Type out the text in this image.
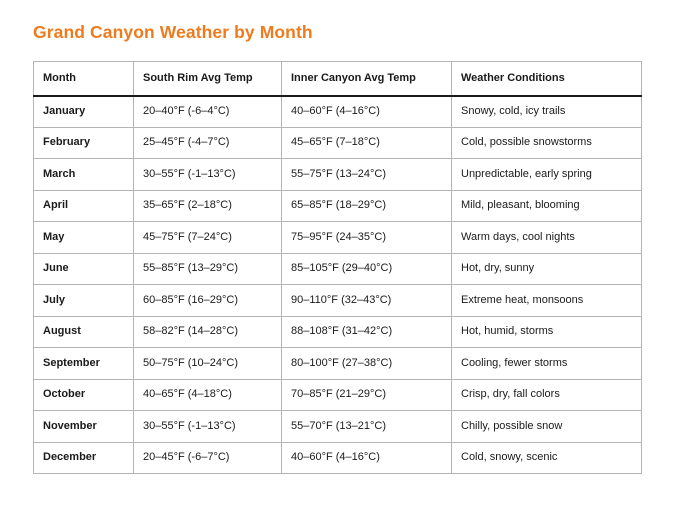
Grand Canyon Weather by Month
Month	South Rim Avg Temp	Inner Canyon Avg Temp	Weather Conditions
January	20–40°F (-6–4°C)	40–60°F (4–16°C)	Snowy, cold, icy trails
February	25–45°F (-4–7°C)	45–65°F (7–18°C)	Cold, possible snowstorms
March	30–55°F (-1–13°C)	55–75°F (13–24°C)	Unpredictable, early spring
April	35–65°F (2–18°C)	65–85°F (18–29°C)	Mild, pleasant, blooming
May	45–75°F (7–24°C)	75–95°F (24–35°C)	Warm days, cool nights
June	55–85°F (13–29°C)	85–105°F (29–40°C)	Hot, dry, sunny
July	60–85°F (16–29°C)	90–110°F (32–43°C)	Extreme heat, monsoons
August	58–82°F (14–28°C)	88–108°F (31–42°C)	Hot, humid, storms
September	50–75°F (10–24°C)	80–100°F (27–38°C)	Cooling, fewer storms
October	40–65°F (4–18°C)	70–85°F (21–29°C)	Crisp, dry, fall colors
November	30–55°F (-1–13°C)	55–70°F (13–21°C)	Chilly, possible snow
December	20–45°F (-6–7°C)	40–60°F (4–16°C)	Cold, snowy, scenic
